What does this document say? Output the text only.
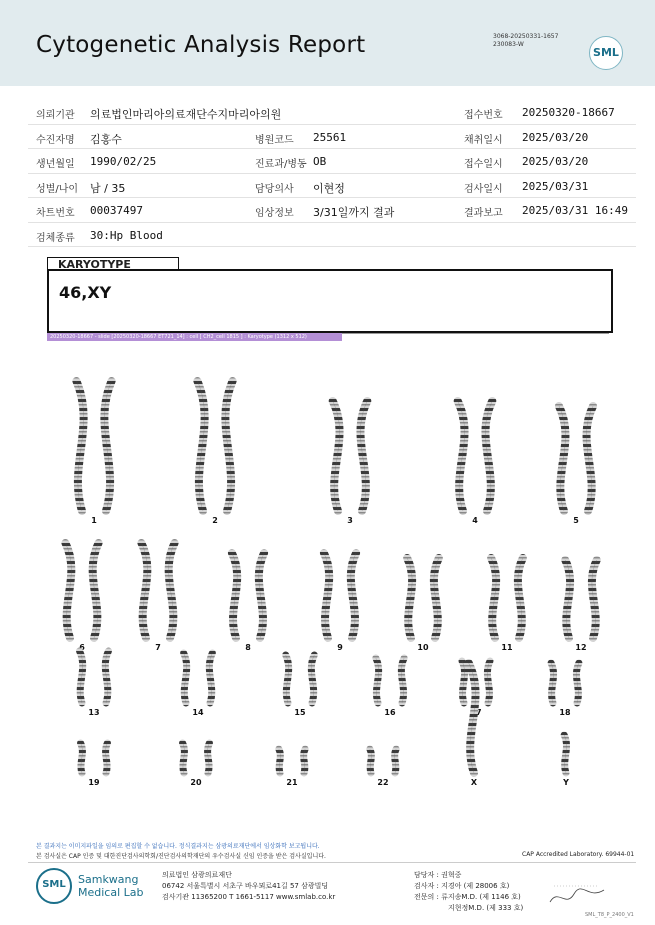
Cytogenetic Analysis Report	3068-20250331-1657
230083-W
SML
의뢰기관 의료법인마리아의료재단수지마리아의원	접수번호 20250320-18667
수진자명 김홍수	병원코드 25561	채취일시 2025/03/20
생년월일 1990/02/25	진료과/병동 OB	접수일시 2025/03/20
성별/나이 남 / 35	담당의사 이현정	검사일시 2025/03/31
차트번호 00037497	임상정보 3/31일까지 결과	결과보고 2025/03/31 16:49
검체종류 30:Hp Blood
KARYOTYPE
46,XY
20250320-18667 - slide [20250320-18667 ET721_14] : cell [ CH2_cell 1815 ] : Karyotype (1312 x 512)
1	2	3	4	5
6	7	8	9	10	11	12
13	14	15	16	17	18
19	20	21	22	X	Y
본 결과지는 이미지파일을 임의로 편집할 수 없습니다. 정식결과지는 삼광의료재단에서 임상화학 보고됩니다.
본 검사실은 CAP 인증 및 대한진단검사의학회/진단검사의학재단의 우수검사실 신임 인증을 받은 검사실입니다.	CAP Accredited Laboratory. 69944-01
SML	Samkwang
Medical Lab
의료법인 삼광의료재단
06742 서울특별시 서초구 바우뫼로41길 57 삼광빌딩
검사기관 11365200 T 1661-5117 www.smlab.co.kr
담당자 : 권혁중
검사자 : 지경아 (제 28006 호)
전문의 : 류지송M.D. (제 1146 호)
지현정M.D. (제 333 호)
SML_T8_P_2400_V1
